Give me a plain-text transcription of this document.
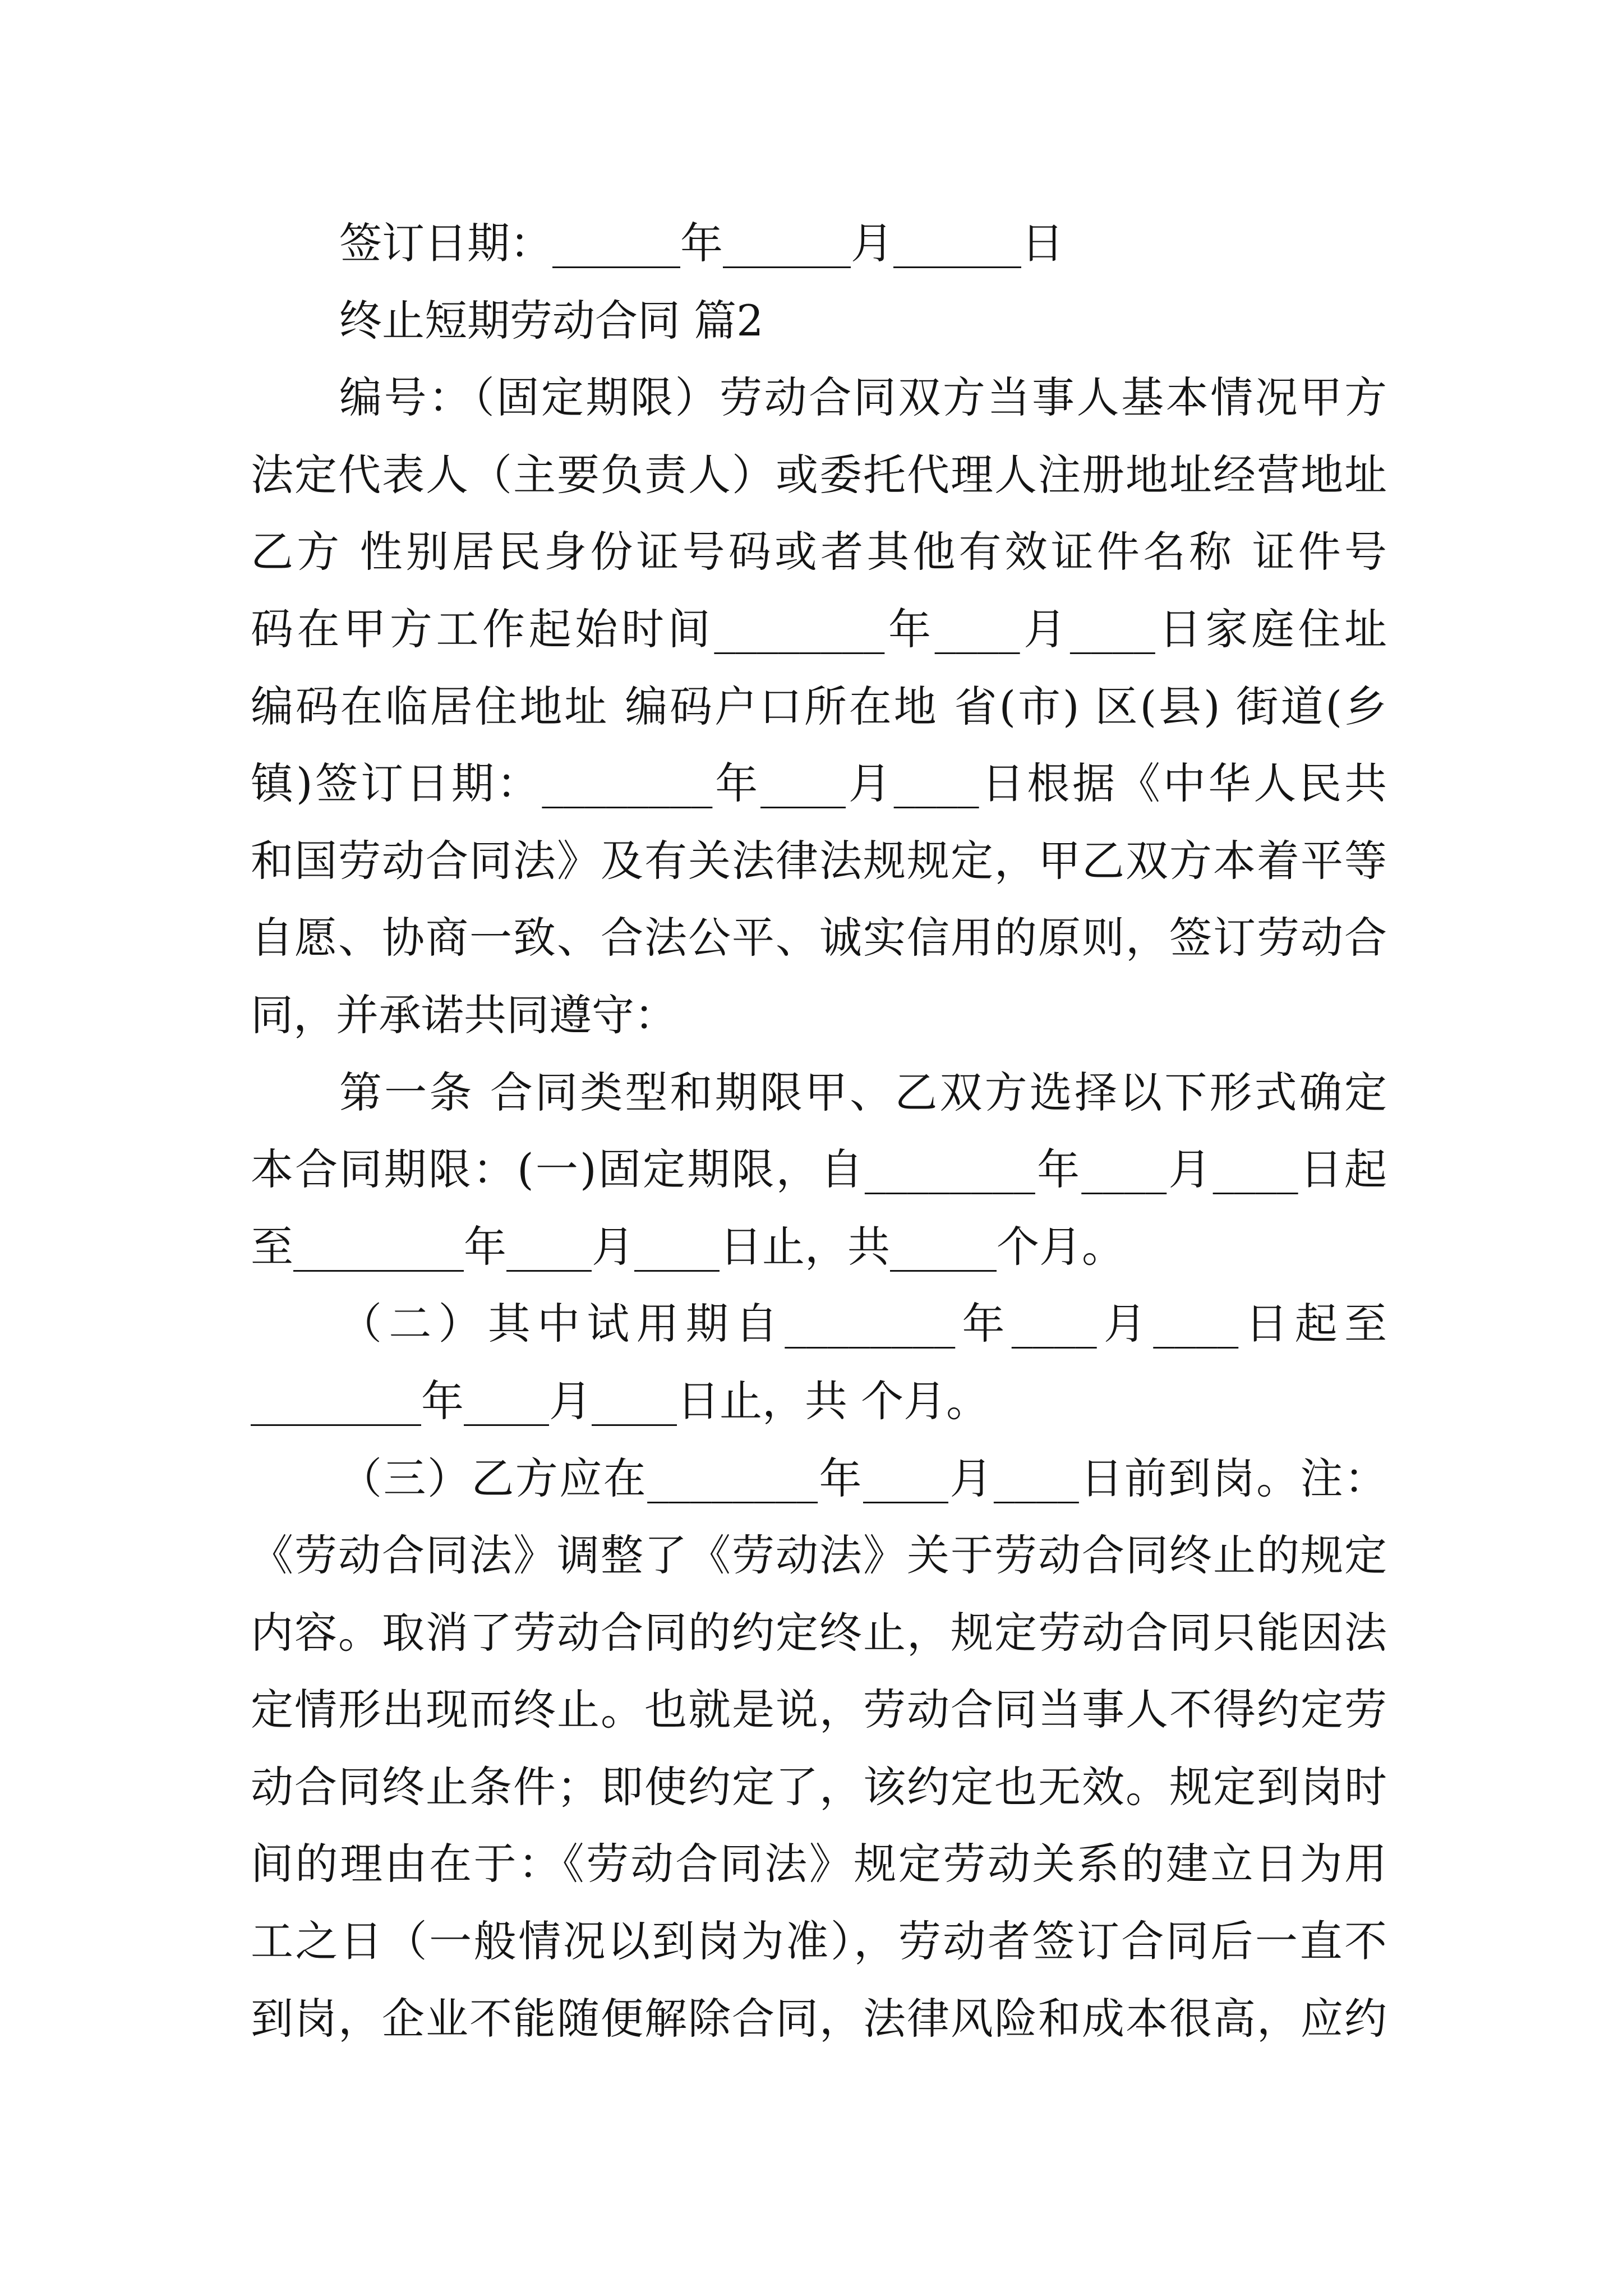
签订日期：______年______月______日
终止短期劳动合同 篇2
编号：（固定期限）劳动合同双方当事人基本情况甲方
法定代表人（主要负责人）或委托代理人注册地址经营地址
乙方 性别居民身份证号码或者其他有效证件名称 证件号
码在甲方工作起始时间________年____月____日家庭住址
编码在临居住地址 编码户口所在地 省(市) 区(县) 街道(乡
镇)签订日期：________年____月____日根据《中华人民共
和国劳动合同法》及有关法律法规规定，甲乙双方本着平等
自愿、协商一致、合法公平、诚实信用的原则，签订劳动合
同，并承诺共同遵守：
第一条 合同类型和期限甲、乙双方选择以下形式确定
本合同期限：(一)固定期限，自________年____月____日起
至________年____月____日止，共_____个月。
（二）其中试用期自________年____月____日起至
________年____月____日止，共 个月。
（三）乙方应在________年____月____日前到岗。注：
《劳动合同法》调整了《劳动法》关于劳动合同终止的规定
内容。取消了劳动合同的约定终止，规定劳动合同只能因法
定情形出现而终止。也就是说，劳动合同当事人不得约定劳
动合同终止条件；即使约定了，该约定也无效。规定到岗时
间的理由在于：《劳动合同法》规定劳动关系的建立日为用
工之日（一般情况以到岗为准），劳动者签订合同后一直不
到岗，企业不能随便解除合同，法律风险和成本很高，应约
